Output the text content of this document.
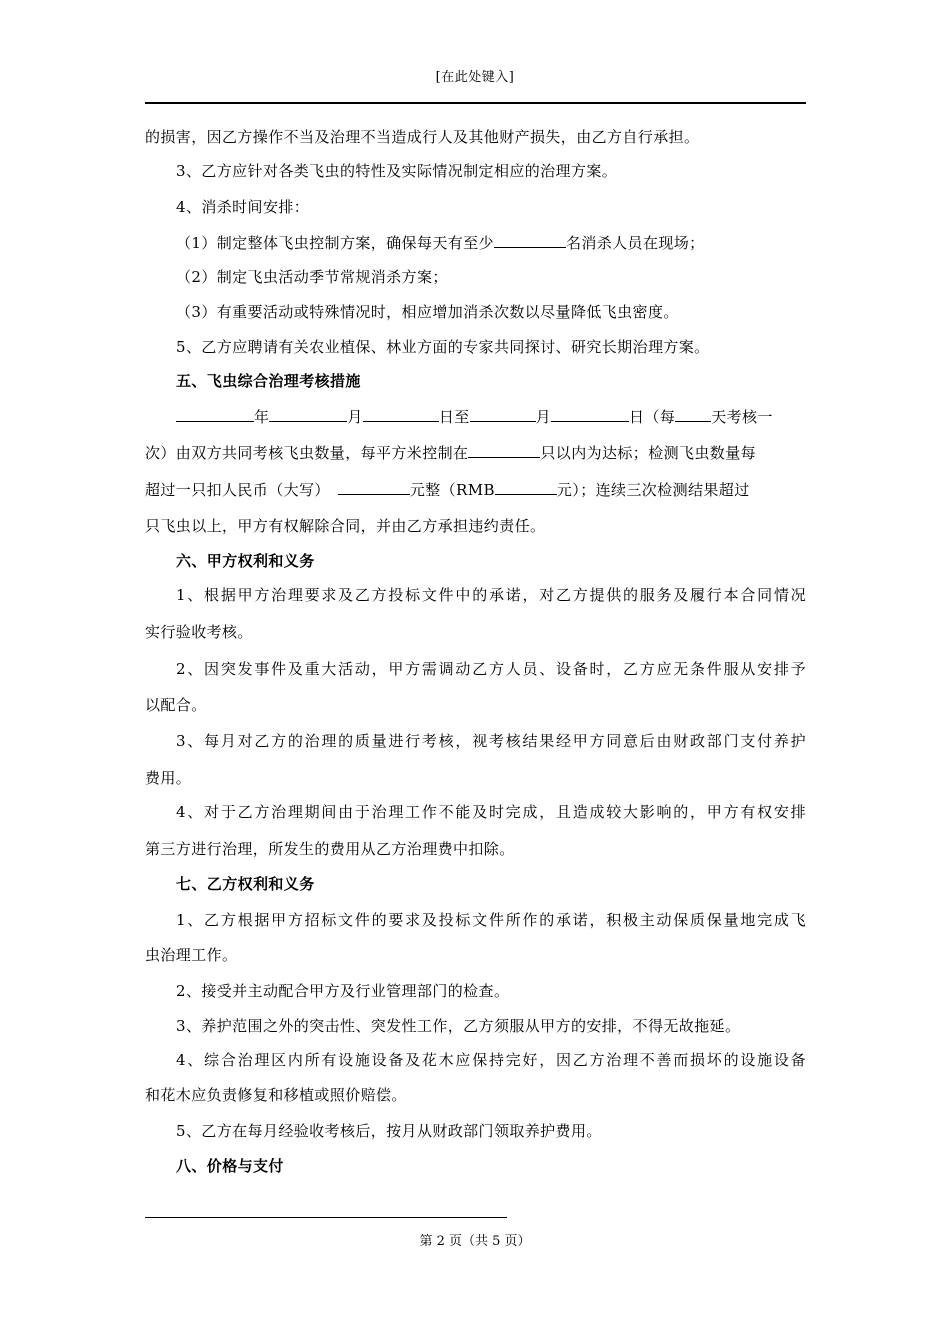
[在此处键入]
的损害，因乙方操作不当及治理不当造成行人及其他财产损失，由乙方自行承担。
3、乙方应针对各类飞虫的特性及实际情况制定相应的治理方案。
4、消杀时间安排：
（1）制定整体飞虫控制方案，确保每天有至少	名消杀人员在现场；
（2）制定飞虫活动季节常规消杀方案；
（3）有重要活动或特殊情况时，相应增加消杀次数以尽量降低飞虫密度。
5、乙方应聘请有关农业植保、林业方面的专家共同探讨、研究长期治理方案。
五、飞虫综合治理考核措施
年	月	日至	月	日（每 天考核一
次）由双方共同考核飞虫数量，每平方米控制在	只以内为达标；检测飞虫数量每
超过一只扣人民币（大写）	元整（RMB	元）；连续三次检测结果超过
只飞虫以上，甲方有权解除合同，并由乙方承担违约责任。
六、甲方权利和义务
1、根据甲方治理要求及乙方投标文件中的承诺，对乙方提供的服务及履行本合同情况
实行验收考核。
2、因突发事件及重大活动，甲方需调动乙方人员、设备时，乙方应无条件服从安排予
以配合。
3、每月对乙方的治理的质量进行考核，视考核结果经甲方同意后由财政部门支付养护
费用。
4、对于乙方治理期间由于治理工作不能及时完成，且造成较大影响的，甲方有权安排
第三方进行治理，所发生的费用从乙方治理费中扣除。
七、乙方权利和义务
1、乙方根据甲方招标文件的要求及投标文件所作的承诺，积极主动保质保量地完成飞
虫治理工作。
2、接受并主动配合甲方及行业管理部门的检查。
3、养护范围之外的突击性、突发性工作，乙方须服从甲方的安排，不得无故拖延。
4、综合治理区内所有设施设备及花木应保持完好，因乙方治理不善而损坏的设施设备
和花木应负责修复和移植或照价赔偿。
5、乙方在每月经验收考核后，按月从财政部门领取养护费用。
八、价格与支付
第 2 页（共 5 页）
